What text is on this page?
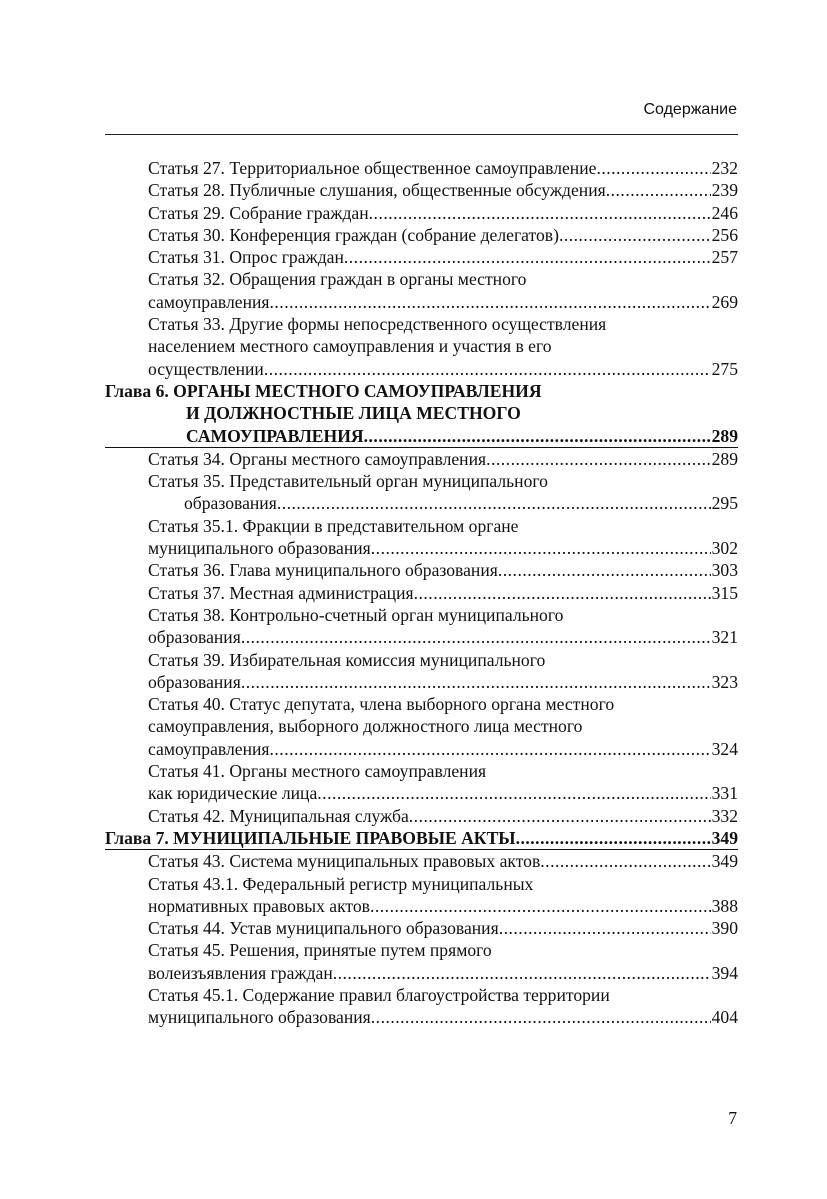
Содержание
Статья 27. Территориальное общественное самоуправление .....	232
Статья 28. Публичные слушания, общественные обсуждения .....	239
Статья 29. Собрание граждан .....	246
Статья 30. Конференция граждан (собрание делегатов) .....	256
Статья 31. Опрос граждан .....	257
Статья 32. Обращения граждан в органы местного
самоуправления .....	269
Статья 33. Другие формы непосредственного осуществления
населением местного самоуправления и участия в его
осуществлении .....	275
Глава 6. ОРГАНЫ МЕСТНОГО САМОУПРАВЛЕНИЯ
И ДОЛЖНОСТНЫЕ ЛИЦА МЕСТНОГО
САМОУПРАВЛЕНИЯ .....	289
Статья 34. Органы местного самоуправления .....	289
Статья 35. Представительный орган муниципального
образования .....	295
Статья 35.1. Фракции в представительном органе
муниципального образования .....	302
Статья 36. Глава муниципального образования .....	303
Статья 37. Местная администрация .....	315
Статья 38. Контрольно-счетный орган муниципального
образования .....	321
Статья 39. Избирательная комиссия муниципального
образования .....	323
Статья 40. Статус депутата, члена выборного органа местного
самоуправления, выборного должностного лица местного
самоуправления .....	324
Статья 41. Органы местного самоуправления
как юридические лица .....	331
Статья 42. Муниципальная служба .....	332
Глава 7. МУНИЦИПАЛЬНЫЕ ПРАВОВЫЕ АКТЫ .....	349
Статья 43. Система муниципальных правовых актов .....	349
Статья 43.1. Федеральный регистр муниципальных
нормативных правовых актов .....	388
Статья 44. Устав муниципального образования .....	390
Статья 45. Решения, принятые путем прямого
волеизъявления граждан .....	394
Статья 45.1. Содержание правил благоустройства территории
муниципального образования .....	404
7
